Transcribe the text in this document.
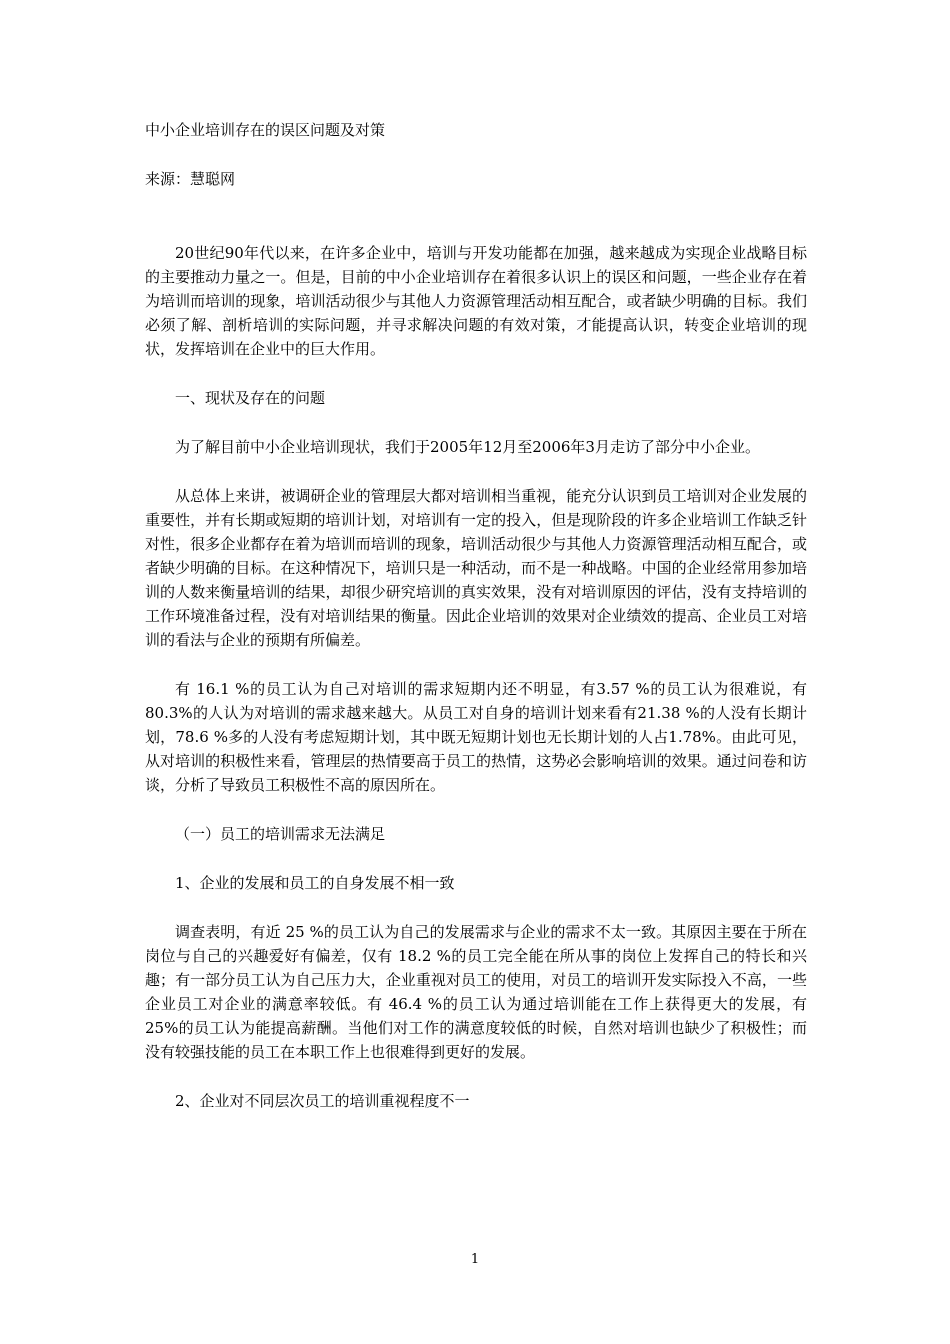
中小企业培训存在的误区问题及对策

来源：慧聪网

20世纪90年代以来，在许多企业中，培训与开发功能都在加强，越来越成为实现企业战略目标的主要推动力量之一。但是，目前的中小企业培训存在着很多认识上的误区和问题，一些企业存在着为培训而培训的现象，培训活动很少与其他人力资源管理活动相互配合，或者缺少明确的目标。我们必须了解、剖析培训的实际问题，并寻求解决问题的有效对策，才能提高认识，转变企业培训的现状，发挥培训在企业中的巨大作用。

一、现状及存在的问题

为了解目前中小企业培训现状，我们于2005年12月至2006年3月走访了部分中小企业。

从总体上来讲，被调研企业的管理层大都对培训相当重视，能充分认识到员工培训对企业发展的重要性，并有长期或短期的培训计划，对培训有一定的投入，但是现阶段的许多企业培训工作缺乏针对性，很多企业都存在着为培训而培训的现象，培训活动很少与其他人力资源管理活动相互配合，或者缺少明确的目标。在这种情况下，培训只是一种活动，而不是一种战略。中国的企业经常用参加培训的人数来衡量培训的结果，却很少研究培训的真实效果，没有对培训原因的评估，没有支持培训的工作环境准备过程，没有对培训结果的衡量。因此企业培训的效果对企业绩效的提高、企业员工对培训的看法与企业的预期有所偏差。

有 16.1 %的员工认为自己对培训的需求短期内还不明显，有3.57 %的员工认为很难说，有80.3%的人认为对培训的需求越来越大。从员工对自身的培训计划来看有21.38 %的人没有长期计划，78.6 %多的人没有考虑短期计划，其中既无短期计划也无长期计划的人占1.78%。由此可见，从对培训的积极性来看，管理层的热情要高于员工的热情，这势必会影响培训的效果。通过问卷和访谈，分析了导致员工积极性不高的原因所在。

（一）员工的培训需求无法满足

1、企业的发展和员工的自身发展不相一致

调查表明，有近 25 %的员工认为自己的发展需求与企业的需求不太一致。其原因主要在于所在岗位与自己的兴趣爱好有偏差，仅有 18.2 %的员工完全能在所从事的岗位上发挥自己的特长和兴趣；有一部分员工认为自己压力大，企业重视对员工的使用，对员工的培训开发实际投入不高，一些企业员工对企业的满意率较低。有 46.4 %的员工认为通过培训能在工作上获得更大的发展，有 25%的员工认为能提高薪酬。当他们对工作的满意度较低的时候，自然对培训也缺少了积极性；而没有较强技能的员工在本职工作上也很难得到更好的发展。

2、企业对不同层次员工的培训重视程度不一

1
